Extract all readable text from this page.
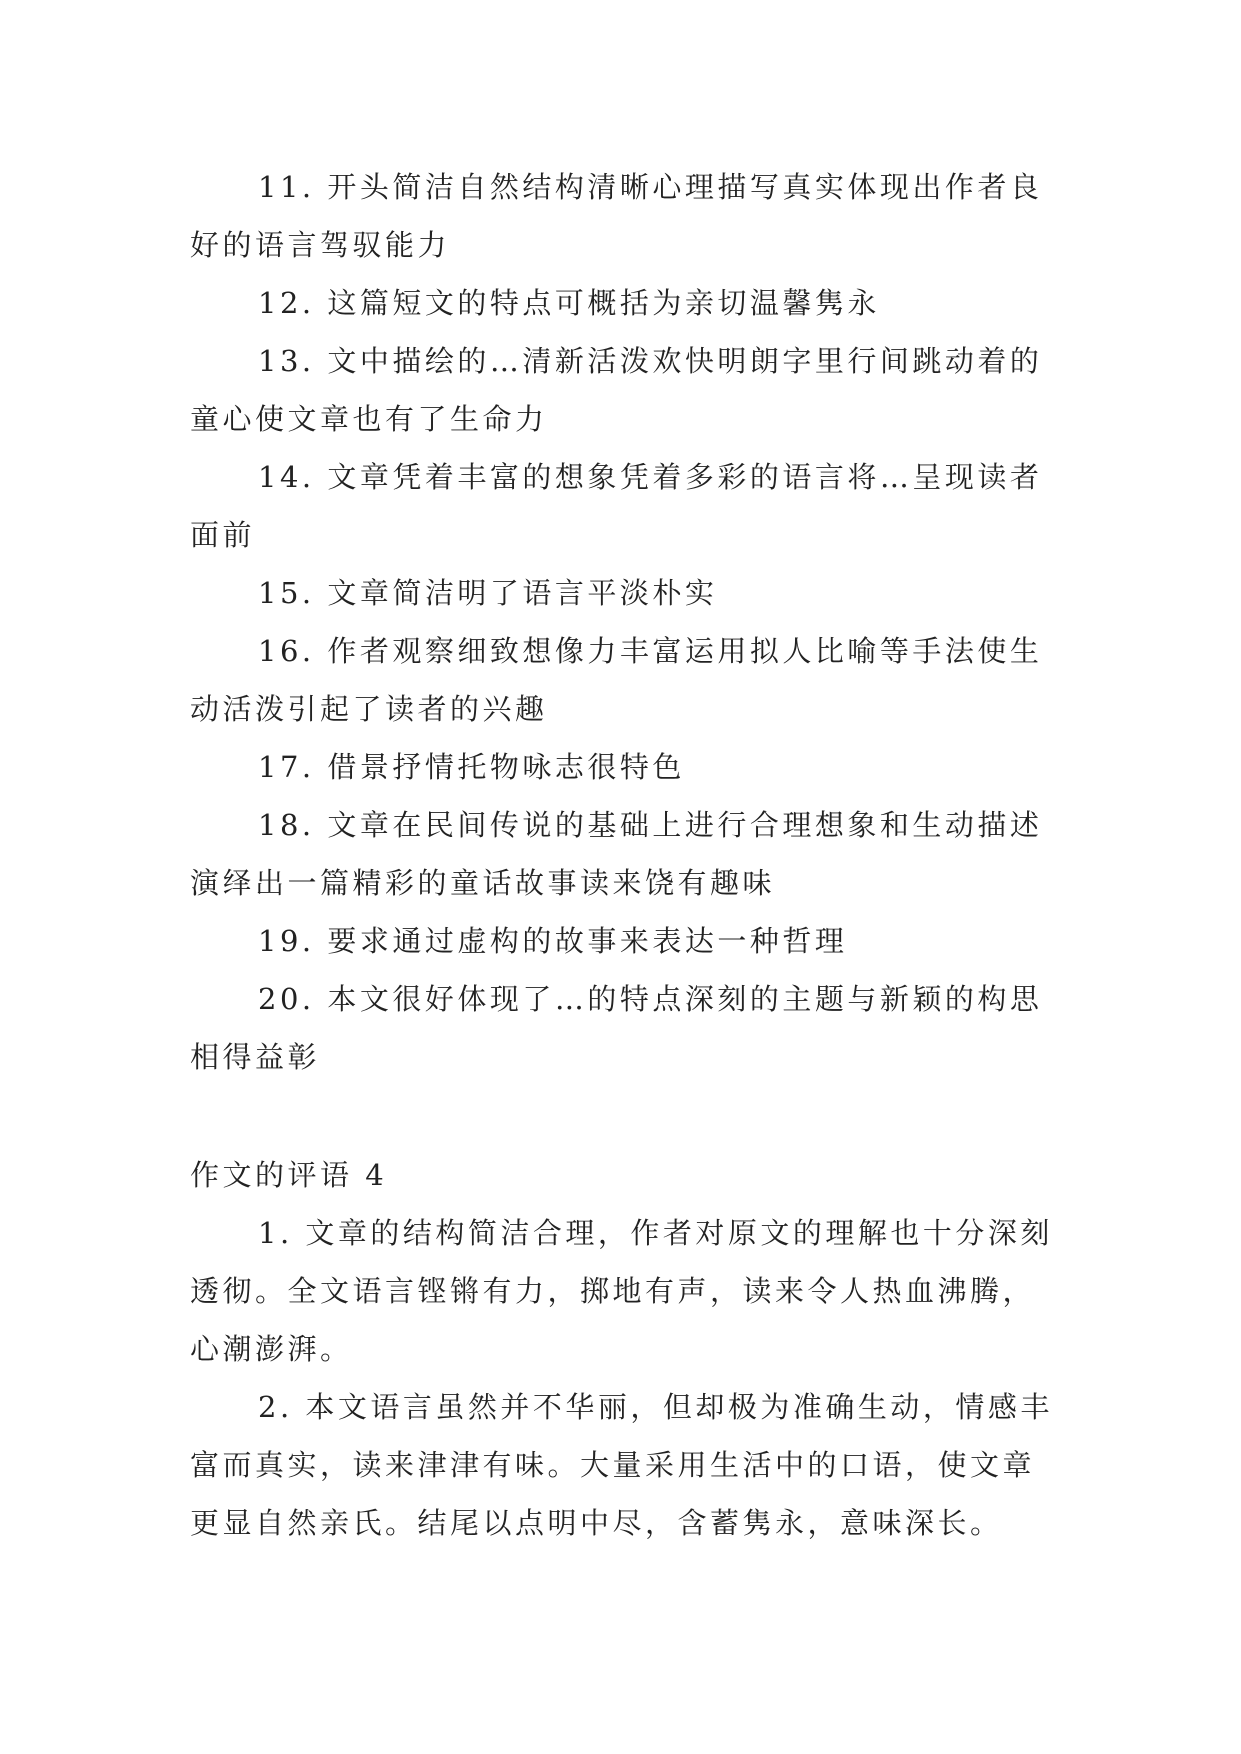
11. 开头简洁自然结构清晰心理描写真实体现出作者良好的语言驾驭能力

12. 这篇短文的特点可概括为亲切温馨隽永

13. 文中描绘的…清新活泼欢快明朗字里行间跳动着的童心使文章也有了生命力

14. 文章凭着丰富的想象凭着多彩的语言将…呈现读者面前

15. 文章简洁明了语言平淡朴实

16. 作者观察细致想像力丰富运用拟人比喻等手法使生动活泼引起了读者的兴趣

17. 借景抒情托物咏志很特色

18. 文章在民间传说的基础上进行合理想象和生动描述演绎出一篇精彩的童话故事读来饶有趣味

19. 要求通过虚构的故事来表达一种哲理

20. 本文很好体现了…的特点深刻的主题与新颖的构思相得益彰

作文的评语 4

1. 文章的结构简洁合理，作者对原文的理解也十分深刻透彻。全文语言铿锵有力，掷地有声，读来令人热血沸腾，心潮澎湃。

2. 本文语言虽然并不华丽，但却极为准确生动，情感丰富而真实，读来津津有味。大量采用生活中的口语，使文章更显自然亲氏。结尾以点明中尽，含蓄隽永，意味深长。
